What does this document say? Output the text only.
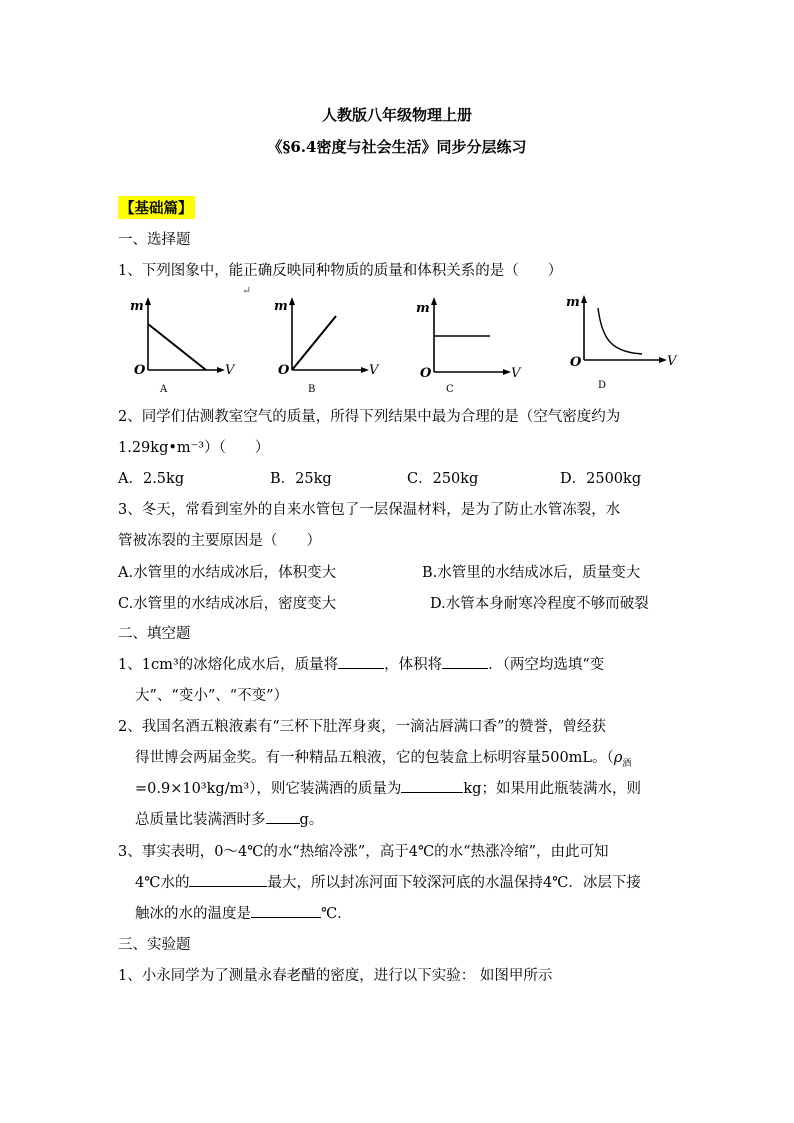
人教版八年级物理上册
《§6.4密度与社会生活》同步分层练习
【基础篇】
一、选择题
1、下列图象中，能正确反映同种物质的质量和体积关系的是（　　）
↵
m
O	V
A
m
O	V
B
m
O	V
C
m
O	V
D
2、同学们估测教室空气的质量，所得下列结果中最为合理的是（空气密度约为
1.29kg•m⁻³）（　　）
A．2.5kg	B．25kg	C．250kg	D．2500kg
3、冬天，常看到室外的自来水管包了一层保温材料，是为了防止水管冻裂，水
管被冻裂的主要原因是（　　）
A.水管里的水结成冰后，体积变大	B.水管里的水结成冰后，质量变大
C.水管里的水结成冰后，密度变大	D.水管本身耐寒冷程度不够而破裂
二、填空题
1、1cm³的冰熔化成水后，质量将	，体积将	．（两空均选填“变
大”、“变小”、“不变”）
2、我国名酒五粮液素有“三杯下肚浑身爽，一滴沾唇满口香”的赞誉，曾经获
得世博会两届金奖。有一种精品五粮液，它的包装盒上标明容量500mL。（$\rho_酒$
=0.9×10³kg/m³），则它装满酒的质量为	kg；如果用此瓶装满水，则
总质量比装满酒时多 g。
3、事实表明，0～4℃的水“热缩冷涨”，高于4℃的水“热涨冷缩”，由此可知
4℃水的	最大，所以封冻河面下较深河底的水温保持4℃．冰层下接
触冰的水的温度是	℃．
三、实验题
1、小永同学为了测量永春老醋的密度，进行以下实验： 如图甲所示
